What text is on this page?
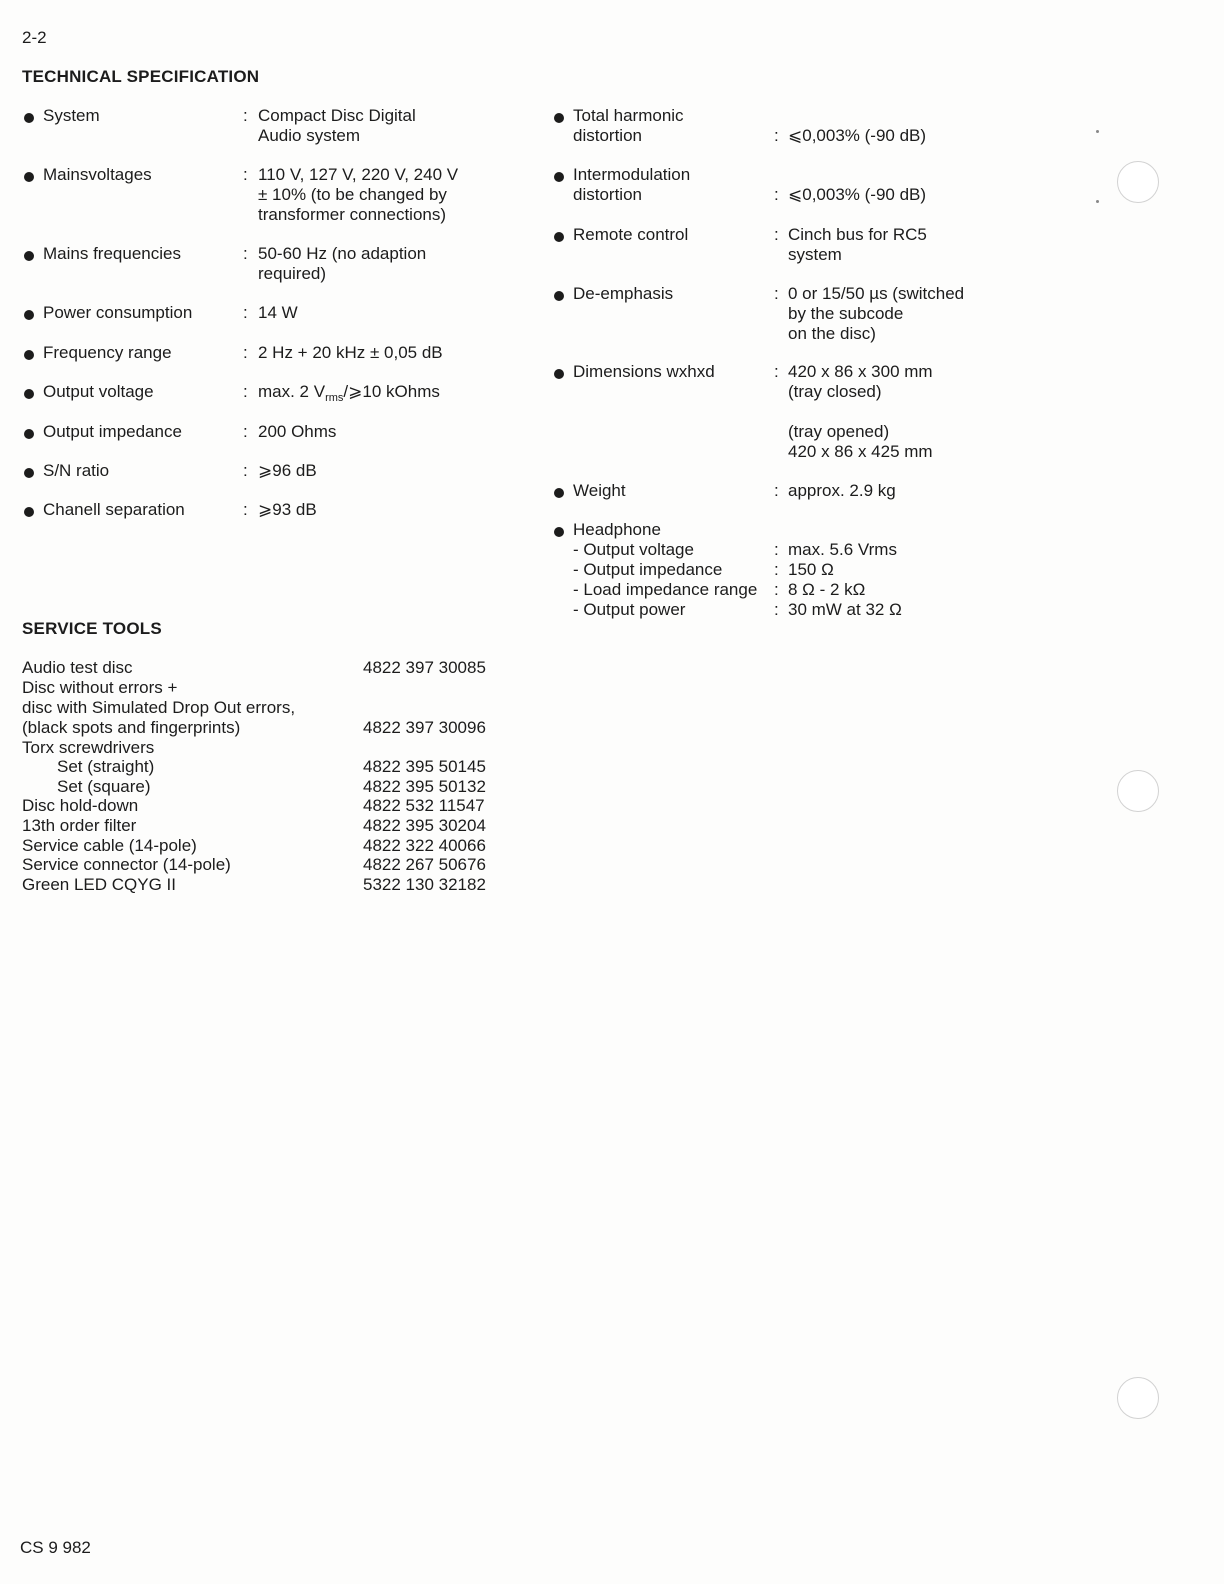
2-2
TECHNICAL SPECIFICATION
System	: Compact Disc Digital
Audio system
Mainsvoltages	: 110 V, 127 V, 220 V, 240 V
± 10% (to be changed by
transformer connections)
Mains frequencies	: 50-60 Hz (no adaption
required)
Power consumption	: 14 W
Frequency range	: 2 Hz + 20 kHz ± 0,05 dB
Output voltage	: max. 2 $V_{rms}/⩾10$ kOhms
Output impedance	: 200 Ohms
S/N ratio	: ⩾96 dB
Chanell separation	: ⩾93 dB
Total harmonic
distortion	: ⩽0,003% (-90 dB)
Intermodulation
distortion	: ⩽0,003% (-90 dB)
Remote control	: Cinch bus for RC5
system
De-emphasis	: 0 or 15/50 µs (switched
by the subcode
on the disc)
Dimensions wxhxd	: 420 x 86 x 300 mm
(tray closed)
(tray opened)
420 x 86 x 425 mm
Weight	: approx. 2.9 kg
Headphone
- Output voltage	: max. 5.6 Vrms
- Output impedance	: 150 Ω
- Load impedance range : 8 Ω - 2 kΩ
- Output power	: 30 mW at 32 Ω
SERVICE TOOLS
Audio test disc	4822 397 30085
Disc without errors +
disc with Simulated Drop Out errors,
(black spots and fingerprints)	4822 397 30096
Torx screwdrivers
Set (straight)	4822 395 50145
Set (square)	4822 395 50132
Disc hold-down	4822 532 11547
13th order filter	4822 395 30204
Service cable (14-pole)	4822 322 40066
Service connector (14-pole)	4822 267 50676
Green LED CQYG II	5322 130 32182
CS 9 982
